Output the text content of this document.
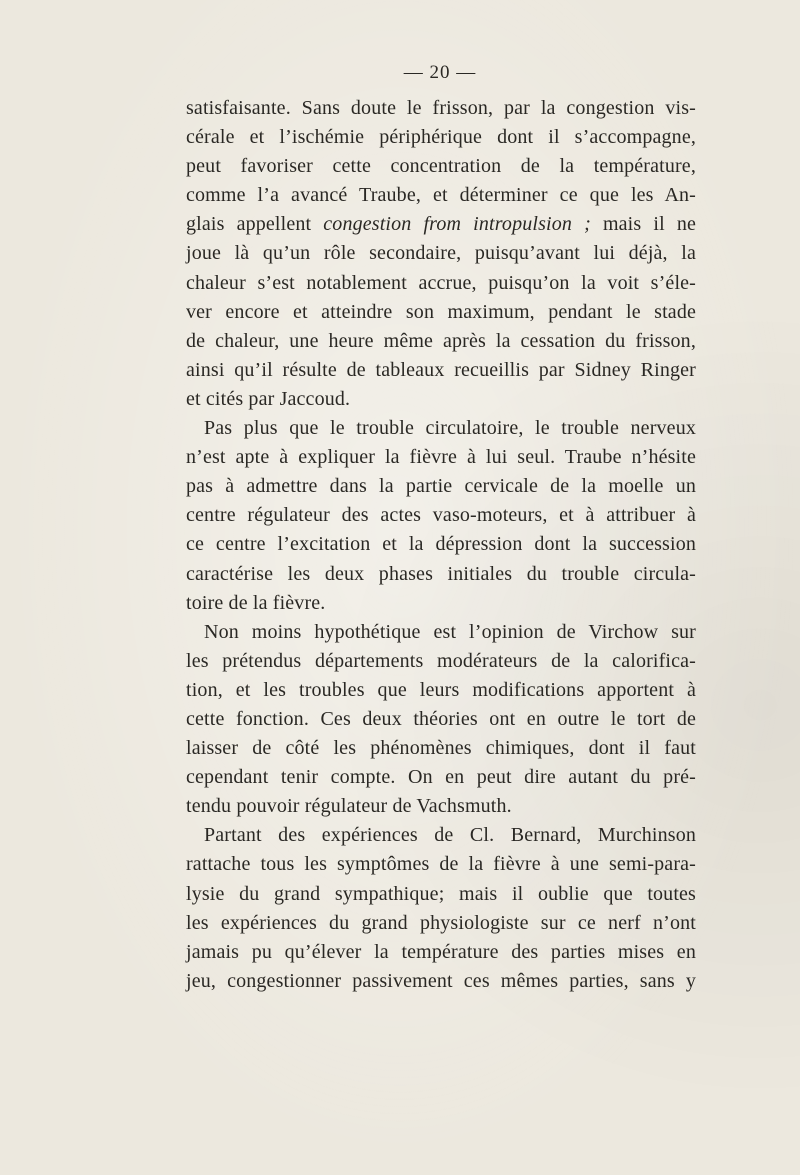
— 20 —
satisfaisante. Sans doute le frisson, par la congestion vis-
cérale et l’ischémie périphérique dont il s’accompagne,
peut favoriser cette concentration de la température,
comme l’a avancé Traube, et déterminer ce que les An-
glais appellent congestion from intropulsion ; mais il ne
joue là qu’un rôle secondaire, puisqu’avant lui déjà, la
chaleur s’est notablement accrue, puisqu’on la voit s’éle-
ver encore et atteindre son maximum, pendant le stade
de chaleur, une heure même après la cessation du frisson,
ainsi qu’il résulte de tableaux recueillis par Sidney Ringer
et cités par Jaccoud.
Pas plus que le trouble circulatoire, le trouble nerveux
n’est apte à expliquer la fièvre à lui seul. Traube n’hésite
pas à admettre dans la partie cervicale de la moelle un
centre régulateur des actes vaso-moteurs, et à attribuer à
ce centre l’excitation et la dépression dont la succession
caractérise les deux phases initiales du trouble circula-
toire de la fièvre.
Non moins hypothétique est l’opinion de Virchow sur
les prétendus départements modérateurs de la calorifica-
tion, et les troubles que leurs modifications apportent à
cette fonction. Ces deux théories ont en outre le tort de
laisser de côté les phénomènes chimiques, dont il faut
cependant tenir compte. On en peut dire autant du pré-
tendu pouvoir régulateur de Vachsmuth.
Partant des expériences de Cl. Bernard, Murchinson
rattache tous les symptômes de la fièvre à une semi-para-
lysie du grand sympathique; mais il oublie que toutes
les expériences du grand physiologiste sur ce nerf n’ont
jamais pu qu’élever la température des parties mises en
jeu, congestionner passivement ces mêmes parties, sans y
